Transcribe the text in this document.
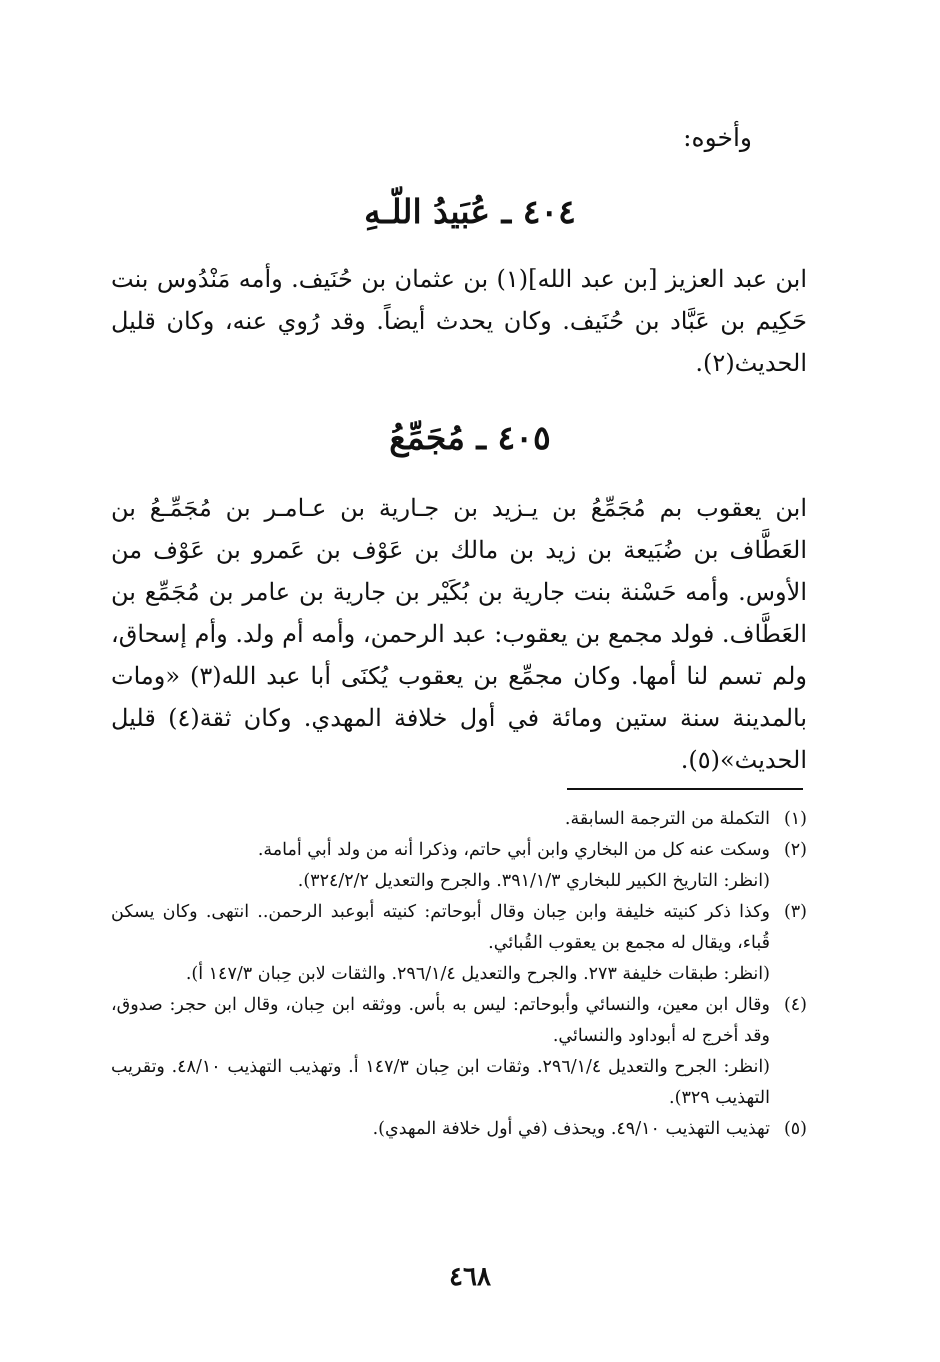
وأخوه:
٤٠٤ ـ عُبَيدُ اللّـهِ
ابن عبد العزيز [بن عبد الله](١) بن عثمان بن حُنَيف. وأمه مَنْدُوس بنت حَكِيم بن عَبَّاد بن حُنَيف. وكان يحدث أيضاً. وقد رُوي عنه، وكان قليل الحديث(٢).
٤٠٥ ـ مُجَمِّعُ
ابن يعقوب بم مُجَمِّعُ بن يـزيد بن جـارية بن عـامـر بن مُجَمِّـعُ بن العَطَّاف بن ضُبَيعة بن زيد بن مالك بن عَوْف بن عَمرو بن عَوْف من الأوس. وأمه حَسْنة بنت جارية بن بُكَيْر بن جارية بن عامر بن مُجَمِّع بن العَطَّاف. فولد مجمع بن يعقوب: عبد الرحمن، وأمه أم ولد. وأم إسحاق، ولم تسم لنا أمها. وكان مجمِّع بن يعقوب يُكنَى أبا عبد الله(٣) «ومات بالمدينة سنة ستين ومائة في أول خلافة المهدي. وكان ثقة(٤) قليل الحديث»(٥).
(١)
التكملة من الترجمة السابقة.
(٢)
وسكت عنه كل من البخاري وابن أبي حاتم، وذكرا أنه من ولد أبي أمامة.
(انظر: التاريخ الكبير للبخاري ٣٩١/١/٣. والجرح والتعديل ٣٢٤/٢/٢).
(٣)
وكذا ذكر كنيته خليفة وابن حِبان وقال أبوحاتم: كنيته أبوعبد الرحمن.. انتهى. وكان يسكن قُباء، ويقال له مجمع بن يعقوب القُبائي.
(انظر: طبقات خليفة ٢٧٣. والجرح والتعديل ٢٩٦/١/٤. والثقات لابن حِبان ١٤٧/٣ أ).
(٤)
وقال ابن معين، والنسائي وأبوحاتم: ليس به بأس. ووثقه ابن حِبان، وقال ابن حجر: صدوق، وقد أخرج له أبوداود والنسائي.
(انظر: الجرح والتعديل ٢٩٦/١/٤. وثقات ابن حِبان ١٤٧/٣ أ. وتهذيب التهذيب ٤٨/١٠. وتقريب التهذيب ٣٢٩).
(٥)
تهذيب التهذيب ٤٩/١٠. ويحذف (في أول خلافة المهدي).
٤٦٨
